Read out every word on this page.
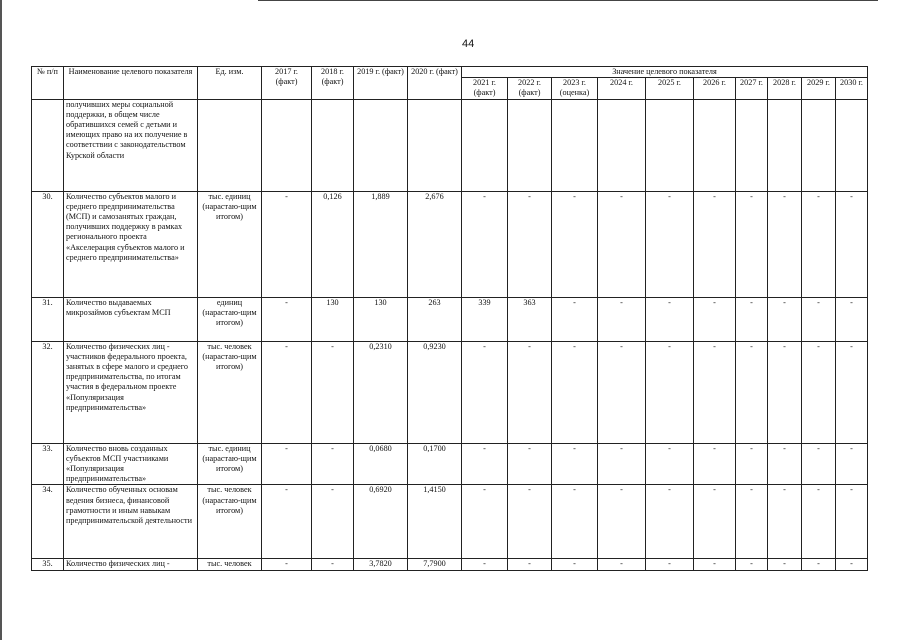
44
№ п/п	Наименование целевого показателя	Ед. изм.	2017 г. (факт)	2018 г. (факт)	2019 г. (факт)	2020 г. (факт)	Значение целевого показателя									
							2021 г. (факт)	2022 г. (факт)	2023 г. (оценка)	2024 г.	2025 г.	2026 г.	2027 г.	2028 г.	2029 г.	2030 г.
	получивших меры социальной поддержки, в общем числе обратившихся семей с детьми и имеющих право на их получение в соответствии с законодательством Курской области															
30.	Количество субъектов малого и среднего предпринимательства (МСП) и самозанятых граждан, получивших поддержку в рамках регионального проекта «Акселерация субъектов малого и среднего предпринимательства»	тыс. единиц (нарастаю-щим итогом)	-	0,126	1,889	2,676	-	-	-	-	-	-	-	-	-	-
31.	Количество выдаваемых микрозаймов субъектам МСП	единиц (нарастаю-щим итогом)	-	130	130	263	339	363	-	-	-	-	-	-	-	-
32.	Количество физических лиц - участников федерального проекта, занятых в сфере малого и среднего предпринимательства, по итогам участия в федеральном проекте «Популяризация предпринимательства»	тыс. человек (нарастаю-щим итогом)	-	-	0,2310	0,9230	-	-	-	-	-	-	-	-	-	-
33.	Количество вновь созданных субъектов МСП участниками «Популяризация предпринимательства»	тыс. единиц (нарастаю-щим итогом)	-	-	0,0680	0,1700	-	-	-	-	-	-	-	-	-	-
34.	Количество обученных основам ведения бизнеса, финансовой грамотности и иным навыкам предпринимательской деятельности	тыс. человек (нарастаю-щим итогом)	-	-	0,6920	1,4150	-	-	-	-	-	-	-	-	-	-
35.	Количество физических лиц -	тыс. человек	-	-	3,7820	7,7900	-	-	-	-	-	-	-	-	-	-
